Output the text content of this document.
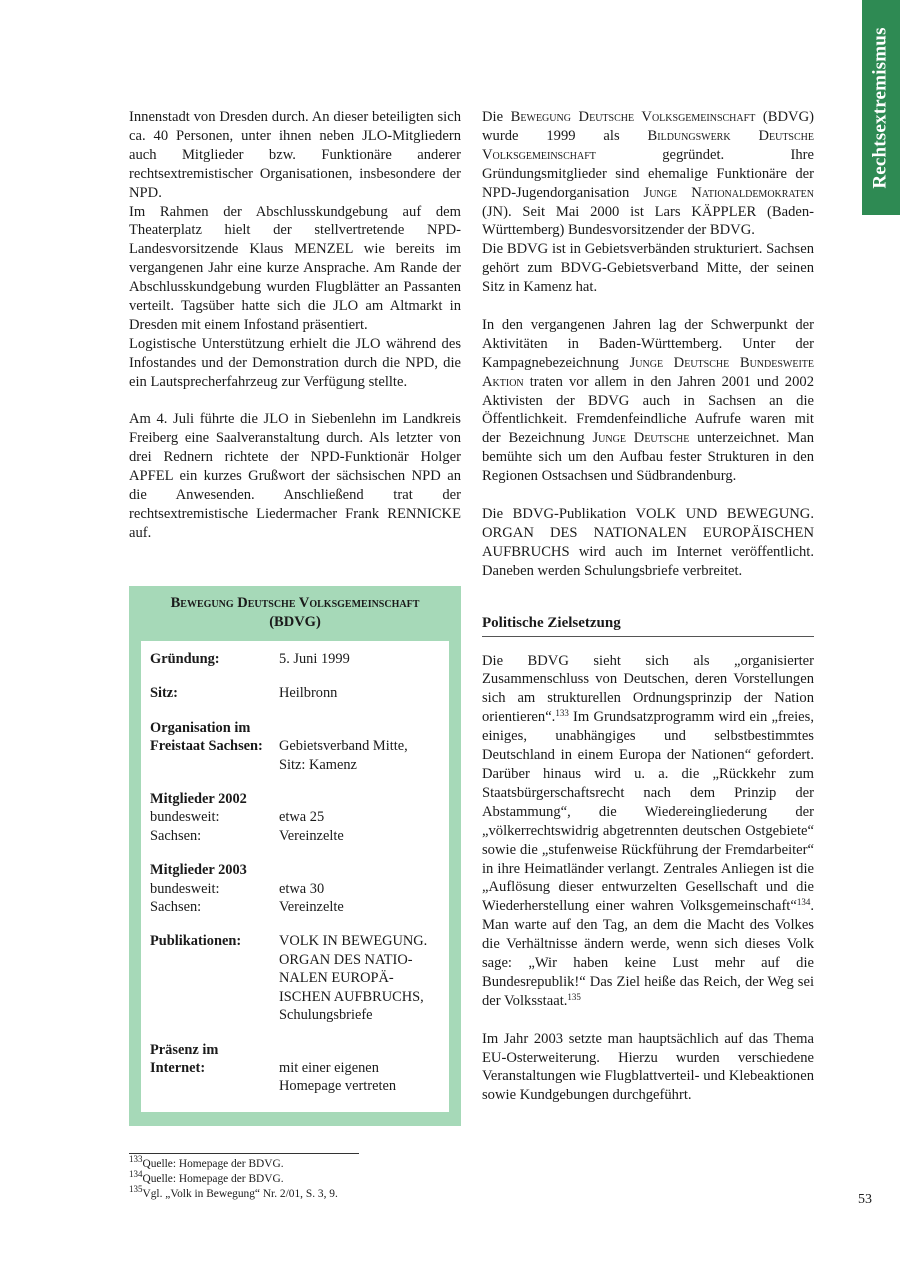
Rechtsextremismus

Innenstadt von Dresden durch. An dieser beteiligten sich ca. 40 Personen, unter ihnen neben JLO-Mitgliedern auch Mitglieder bzw. Funktionäre anderer rechtsextremistischer Organisationen, insbesondere der NPD.

Im Rahmen der Abschlusskundgebung auf dem Theaterplatz hielt der stellvertretende NPD-Landesvorsitzende Klaus MENZEL wie bereits im vergangenen Jahr eine kurze Ansprache. Am Rande der Abschlusskundgebung wurden Flugblätter an Passanten verteilt. Tagsüber hatte sich die JLO am Altmarkt in Dresden mit einem Infostand präsentiert.

Logistische Unterstützung erhielt die JLO während des Infostandes und der Demonstration durch die NPD, die ein Lautsprecherfahrzeug zur Verfügung stellte.

Am 4. Juli führte die JLO in Siebenlehn im Landkreis Freiberg eine Saalveranstaltung durch. Als letzter von drei Rednern richtete der NPD-Funktionär Holger APFEL ein kurzes Grußwort der sächsischen NPD an die Anwesenden. Anschließend trat der rechtsextremistische Liedermacher Frank RENNICKE auf.

Bewegung Deutsche Volksgemeinschaft
(BDVG)
Gründung:	5. Juni 1999
Sitz:	Heilbronn
Organisation im
Freistaat Sachsen:	Gebietsverband Mitte,
Sitz: Kamenz
Mitglieder 2002
bundesweit:	etwa 25
Sachsen:	Vereinzelte
Mitglieder 2003
bundesweit:	etwa 30
Sachsen:	Vereinzelte
Publikationen:	VOLK IN BEWEGUNG.
ORGAN DES NATIO-
NALEN EUROPÄ-
ISCHEN AUFBRUCHS,
Schulungsbriefe
Präsenz im
Internet:	mit einer eigenen
Homepage vertreten

Die Bewegung Deutsche Volksgemeinschaft (BDVG) wurde 1999 als Bildungswerk Deutsche Volksgemeinschaft gegründet. Ihre Gründungsmitglieder sind ehemalige Funktionäre der NPD-Jugendorganisation Junge Nationaldemokraten (JN). Seit Mai 2000 ist Lars KÄPPLER (Baden-Württemberg) Bundesvorsitzender der BDVG.

Die BDVG ist in Gebietsverbänden strukturiert. Sachsen gehört zum BDVG-Gebietsverband Mitte, der seinen Sitz in Kamenz hat.

In den vergangenen Jahren lag der Schwerpunkt der Aktivitäten in Baden-Württemberg. Unter der Kampagnebezeichnung Junge Deutsche Bundesweite Aktion traten vor allem in den Jahren 2001 und 2002 Aktivisten der BDVG auch in Sachsen an die Öffentlichkeit. Fremdenfeindliche Aufrufe waren mit der Bezeichnung Junge Deutsche unterzeichnet. Man bemühte sich um den Aufbau fester Strukturen in den Regionen Ostsachsen und Südbrandenburg.

Die BDVG-Publikation VOLK UND BEWEGUNG. ORGAN DES NATIONALEN EUROPÄISCHEN AUFBRUCHS wird auch im Internet veröffentlicht. Daneben werden Schulungsbriefe verbreitet.

Politische Zielsetzung

Die BDVG sieht sich als „organisierter Zusammenschluss von Deutschen, deren Vorstellungen sich am strukturellen Ordnungsprinzip der Nation orientieren“.$^{133}$ Im Grundsatzprogramm wird ein „freies, einiges, unabhängiges und selbstbestimmtes Deutschland in einem Europa der Nationen“ gefordert. Darüber hinaus wird u. a. die „Rückkehr zum Staatsbürgerschaftsrecht nach dem Prinzip der Abstammung“, die Wiedereingliederung der „völkerrechtswidrig abgetrennten deutschen Ostgebiete“ sowie die „stufenweise Rückführung der Fremdarbeiter“ in ihre Heimatländer verlangt. Zentrales Anliegen ist die „Auflösung dieser entwurzelten Gesellschaft und die Wiederherstellung einer wahren Volksgemeinschaft“$^{134}$. Man warte auf den Tag, an dem die Macht des Volkes die Verhältnisse ändern werde, wenn sich dieses Volk sage: „Wir haben keine Lust mehr auf die Bundesrepublik!“ Das Ziel heiße das Reich, der Weg sei der Volksstaat.$^{135}$

Im Jahr 2003 setzte man hauptsächlich auf das Thema EU-Osterweiterung. Hierzu wurden verschiedene Veranstaltungen wie Flugblattverteil- und Klebeaktionen sowie Kundgebungen durchgeführt.

$^{133}$Quelle: Homepage der BDVG.
$^{134}$Quelle: Homepage der BDVG.
$^{135}$Vgl. „Volk in Bewegung“ Nr. 2/01, S. 3, 9.	53
